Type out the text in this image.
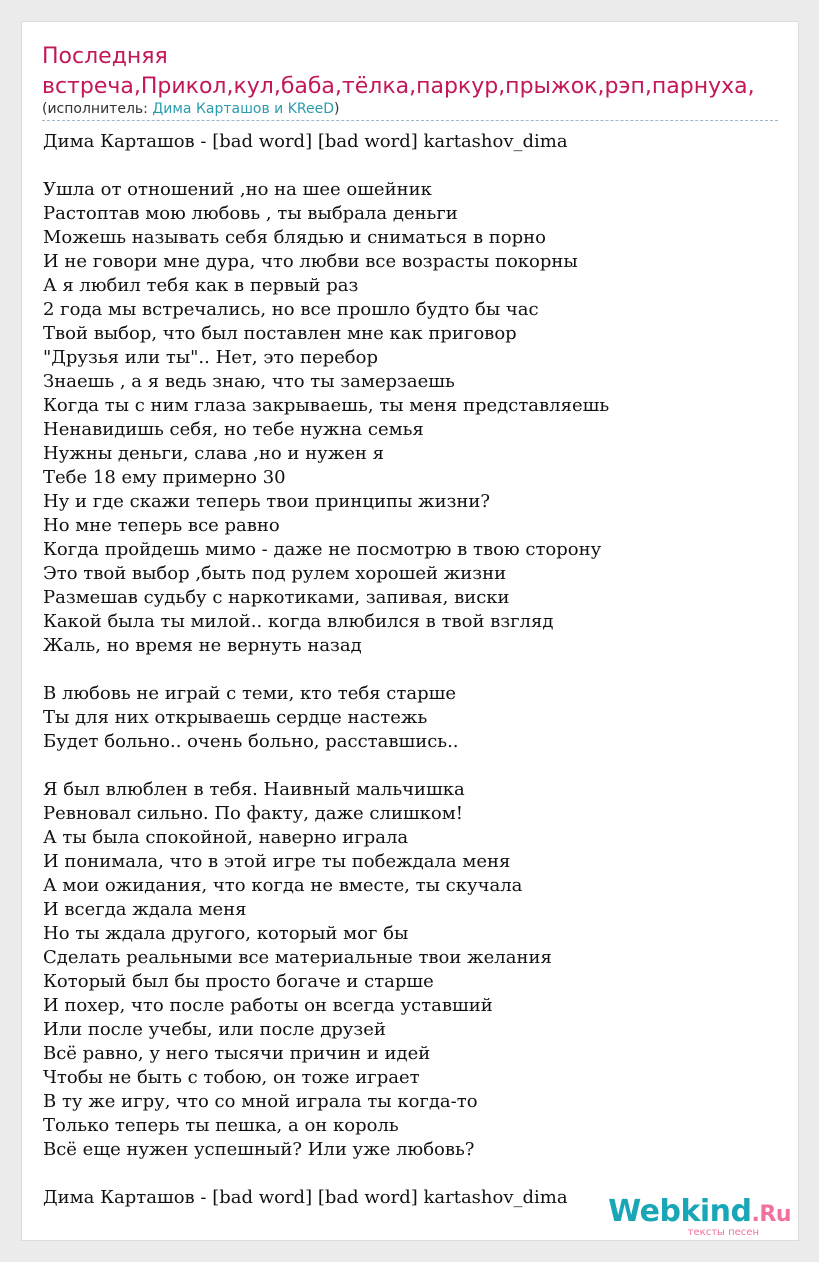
Последняя
встреча,Прикол,кул,баба,тёлка,паркур,прыжок,рэп,парнуха,
(исполнитель: Дима Карташов и KReeD)
Дима Карташов - [bad word] [bad word] kartashov_dima

Ушла от отношений ,но на шее ошейник
Растоптав мою любовь , ты выбрала деньги
Можешь называть себя блядью и сниматься в порно
И не говори мне дура, что любви все возрасты покорны
А я любил тебя как в первый раз
2 года мы встречались, но все прошло будто бы час
Твой выбор, что был поставлен мне как приговор
"Друзья или ты".. Нет, это перебор
Знаешь , а я ведь знаю, что ты замерзаешь
Когда ты с ним глаза закрываешь, ты меня представляешь
Ненавидишь себя, но тебе нужна семья
Нужны деньги, слава ,но и нужен я
Тебе 18 ему примерно 30
Ну и где скажи теперь твои принципы жизни?
Но мне теперь все равно
Когда пройдешь мимо - даже не посмотрю в твою сторону
Это твой выбор ,быть под рулем хорошей жизни
Размешав судьбу с наркотиками, запивая, виски
Какой была ты милой.. когда влюбился в твой взгляд
Жаль, но время не вернуть назад

В любовь не играй с теми, кто тебя старше
Ты для них открываешь сердце настежь
Будет больно.. очень больно, расставшись..

Я был влюблен в тебя. Наивный мальчишка
Ревновал сильно. По факту, даже слишком!
А ты была спокойной, наверно играла
И понимала, что в этой игре ты побеждала меня
А мои ожидания, что когда не вместе, ты скучала
И всегда ждала меня
Но ты ждала другого, который мог бы
Сделать реальными все материальные твои желания
Который был бы просто богаче и старше
И похер, что после работы он всегда уставший
Или после учебы, или после друзей
Всё равно, у него тысячи причин и идей
Чтобы не быть с тобою, он тоже играет
В ту же игру, что со мной играла ты когда-то
Только теперь ты пешка, а он король
Всё еще нужен успешный? Или уже любовь?

Дима Карташов - [bad word] [bad word] kartashov_dima	Webkind.Ru
тексты песен
